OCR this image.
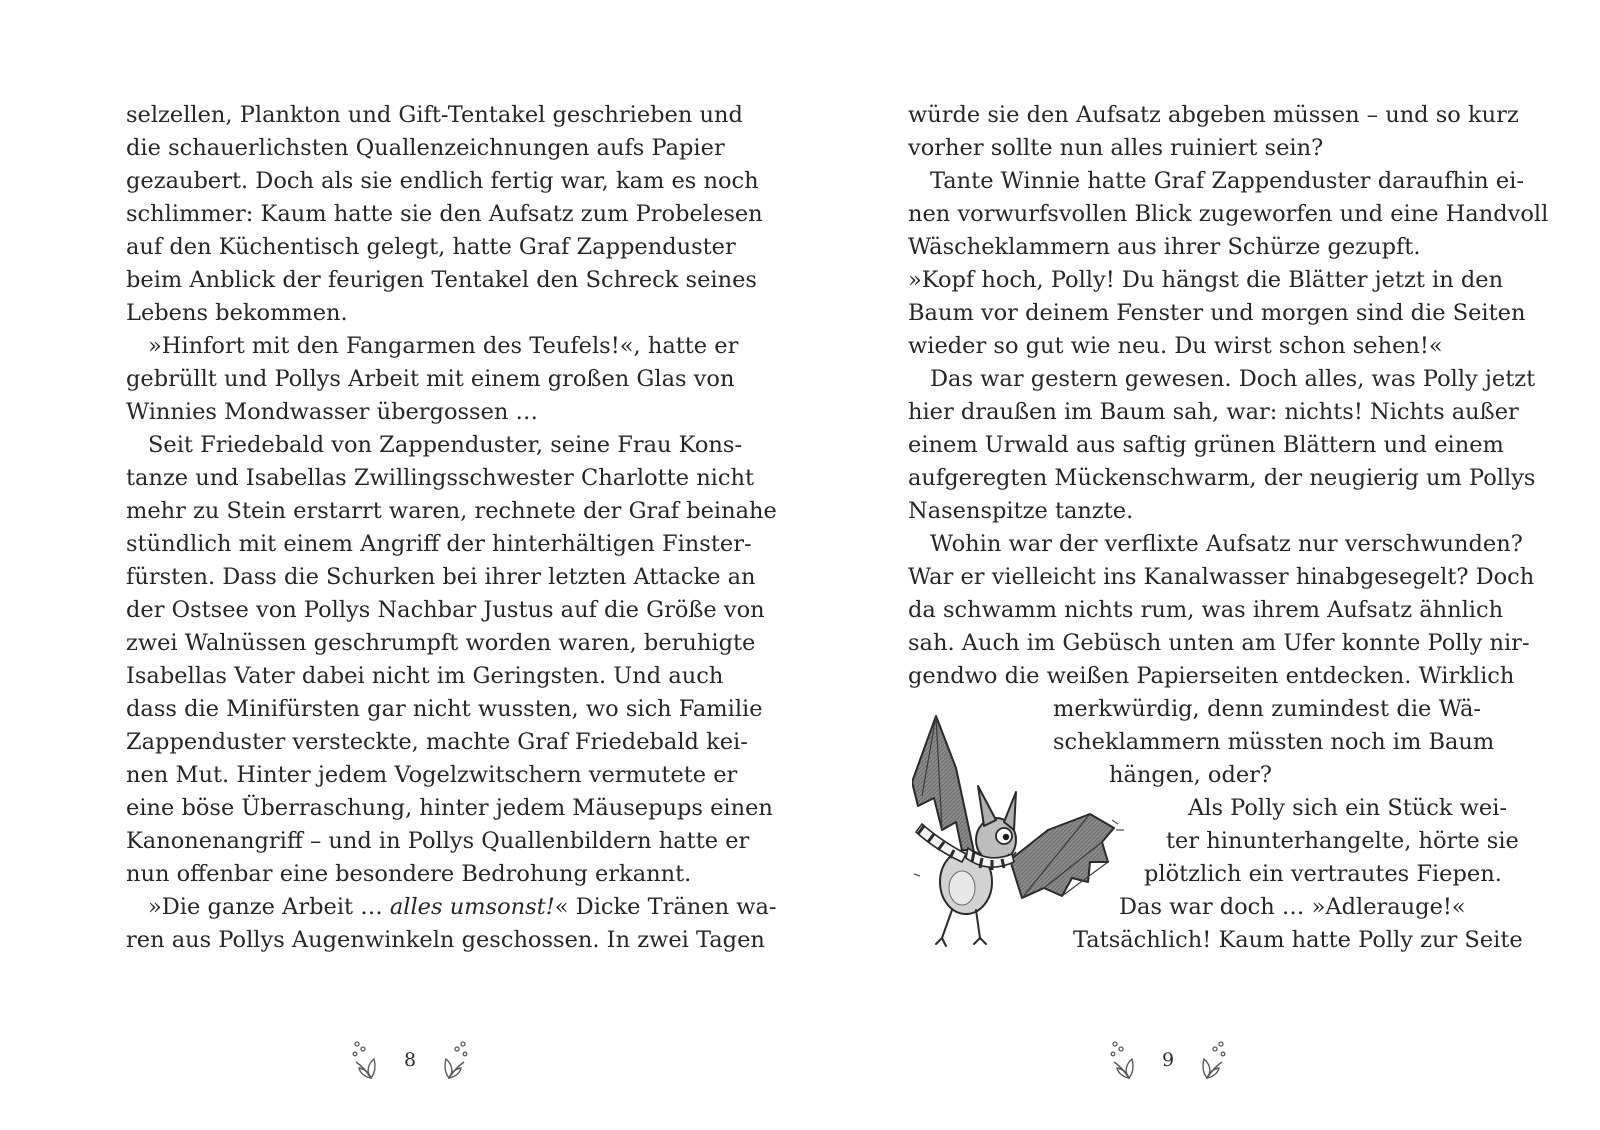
selzellen, Plankton und Gift-Tentakel geschrieben und
die schauerlichsten Quallenzeichnungen aufs Papier
gezaubert. Doch als sie endlich fertig war, kam es noch
schlimmer: Kaum hatte sie den Aufsatz zum Probelesen
auf den Küchentisch gelegt, hatte Graf Zappenduster
beim Anblick der feurigen Tentakel den Schreck seines
Lebens bekommen.
»Hinfort mit den Fangarmen des Teufels!«, hatte er
gebrüllt und Pollys Arbeit mit einem großen Glas von
Winnies Mondwasser übergossen …
Seit Friedebald von Zappenduster, seine Frau Kons-
tanze und Isabellas Zwillingsschwester Charlotte nicht
mehr zu Stein erstarrt waren, rechnete der Graf beinahe
stündlich mit einem Angriff der hinterhältigen Finster-
fürsten. Dass die Schurken bei ihrer letzten Attacke an
der Ostsee von Pollys Nachbar Justus auf die Größe von
zwei Walnüssen geschrumpft worden waren, beruhigte
Isabellas Vater dabei nicht im Geringsten. Und auch
dass die Minifürsten gar nicht wussten, wo sich Familie
Zappenduster versteckte, machte Graf Friedebald kei-
nen Mut. Hinter jedem Vogelzwitschern vermutete er
eine böse Überraschung, hinter jedem Mäusepups einen
Kanonenangriff – und in Pollys Quallenbildern hatte er
nun offenbar eine besondere Bedrohung erkannt.
»Die ganze Arbeit … alles umsonst!« Dicke Tränen wa-
ren aus Pollys Augenwinkeln geschossen. In zwei Tagen
8
würde sie den Aufsatz abgeben müssen – und so kurz
vorher sollte nun alles ruiniert sein?
Tante Winnie hatte Graf Zappenduster daraufhin ei-
nen vorwurfsvollen Blick zugeworfen und eine Handvoll
Wäscheklammern aus ihrer Schürze gezupft.
»Kopf hoch, Polly! Du hängst die Blätter jetzt in den
Baum vor deinem Fenster und morgen sind die Seiten
wieder so gut wie neu. Du wirst schon sehen!«
Das war gestern gewesen. Doch alles, was Polly jetzt
hier draußen im Baum sah, war: nichts! Nichts außer
einem Urwald aus saftig grünen Blättern und einem
aufgeregten Mückenschwarm, der neugierig um Pollys
Nasenspitze tanzte.
Wohin war der verflixte Aufsatz nur verschwunden?
War er vielleicht ins Kanalwasser hinabgesegelt? Doch
da schwamm nichts rum, was ihrem Aufsatz ähnlich
sah. Auch im Gebüsch unten am Ufer konnte Polly nir-
gendwo die weißen Papierseiten entdecken. Wirklich
merkwürdig, denn zumindest die Wä-
scheklammern müssten noch im Baum
hängen, oder?
Als Polly sich ein Stück wei-
ter hinunterhangelte, hörte sie
plötzlich ein vertrautes Fiepen.
Das war doch … »Adlerauge!«
Tatsächlich! Kaum hatte Polly zur Seite
9
